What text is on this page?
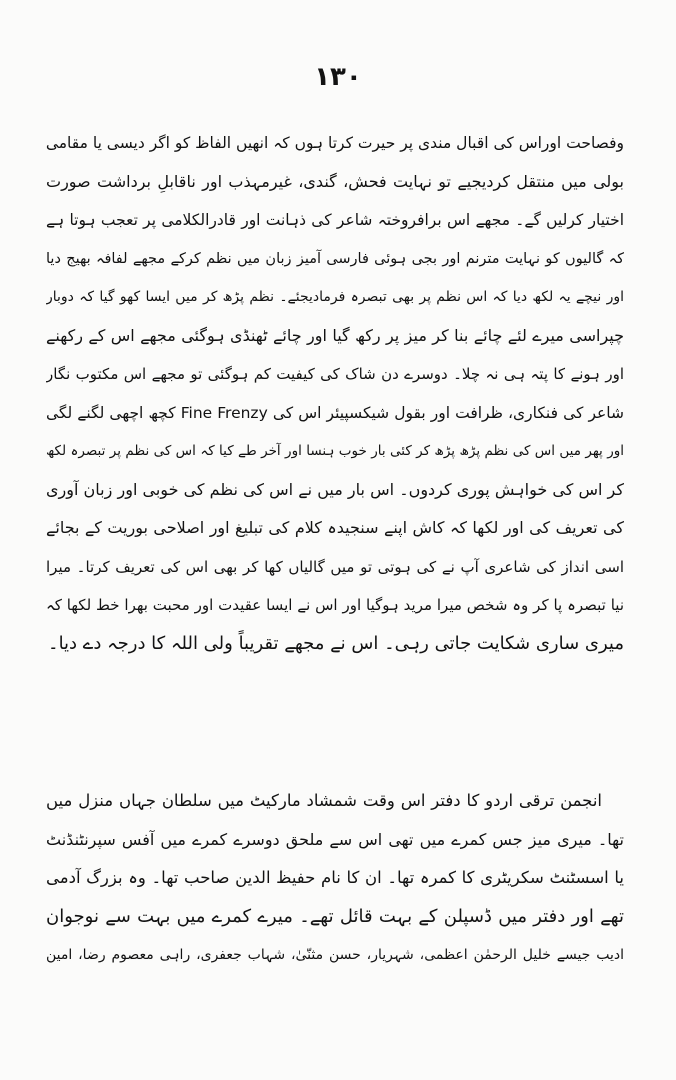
۱۳۰
وفصاحت اوراس کی اقبال مندی پر حیرت کرتا ہوں کہ انھیں الفاظ کو اگر دیسی یا مقامی
بولی میں منتقل کردیجیے تو نہایت فحش، گندی، غیرمہذب اور ناقابلِ برداشت صورت
اختیار کرلیں گے۔ مجھے اس برافروختہ شاعر کی ذہانت اور قادرالکلامی پر تعجب ہوتا ہے
کہ گالیوں کو نہایت مترنم اور بجی ہوئی فارسی آمیز زبان میں نظم کرکے مجھے لفافہ بھیج دیا
اور نیچے یہ لکھ دیا کہ اس نظم پر بھی تبصرہ فرمادیجئے۔ نظم پڑھ کر میں ایسا کھو گیا کہ دوبار
چپراسی میرے لئے چائے بنا کر میز پر رکھ گیا اور چائے ٹھنڈی ہوگئی مجھے اس کے رکھنے
اور ہونے کا پتہ ہی نہ چلا۔ دوسرے دن شاک کی کیفیت کم ہوگئی تو مجھے اس مکتوب نگار
شاعر کی فنکاری، ظرافت اور بقول شیکسپیئر اس کی Fine Frenzy کچھ اچھی لگنے لگی
اور پھر میں اس کی نظم پڑھ پڑھ کر کئی بار خوب ہنسا اور آخر طے کیا کہ اس کی نظم پر تبصرہ لکھ
کر اس کی خواہش پوری کردوں۔ اس بار میں نے اس کی نظم کی خوبی اور زبان آوری
کی تعریف کی اور لکھا کہ کاش اپنے سنجیدہ کلام کی تبلیغ اور اصلاحی بوریت کے بجائے
اسی انداز کی شاعری آپ نے کی ہوتی تو میں گالیاں کھا کر بھی اس کی تعریف کرتا۔ میرا
نیا تبصرہ پا کر وہ شخص میرا مرید ہوگیا اور اس نے ایسا عقیدت اور محبت بھرا خط لکھا کہ
میری ساری شکایت جاتی رہی۔ اس نے مجھے تقریباً ولی اللہ کا درجہ دے دیا۔
انجمن ترقی اردو کا دفتر اس وقت شمشاد مارکیٹ میں سلطان جہاں منزل میں
تھا۔ میری میز جس کمرے میں تھی اس سے ملحق دوسرے کمرے میں آفس سپرنٹنڈنٹ
یا اسسٹنٹ سکریٹری کا کمرہ تھا۔ ان کا نام حفیظ الدین صاحب تھا۔ وہ بزرگ آدمی
تھے اور دفتر میں ڈسپلن کے بہت قائل تھے۔ میرے کمرے میں بہت سے نوجوان
ادیب جیسے خلیل الرحمٰن اعظمی، شہریار، حسن مثنّیٰ، شہاب جعفری، راہی معصوم رضا، امین
